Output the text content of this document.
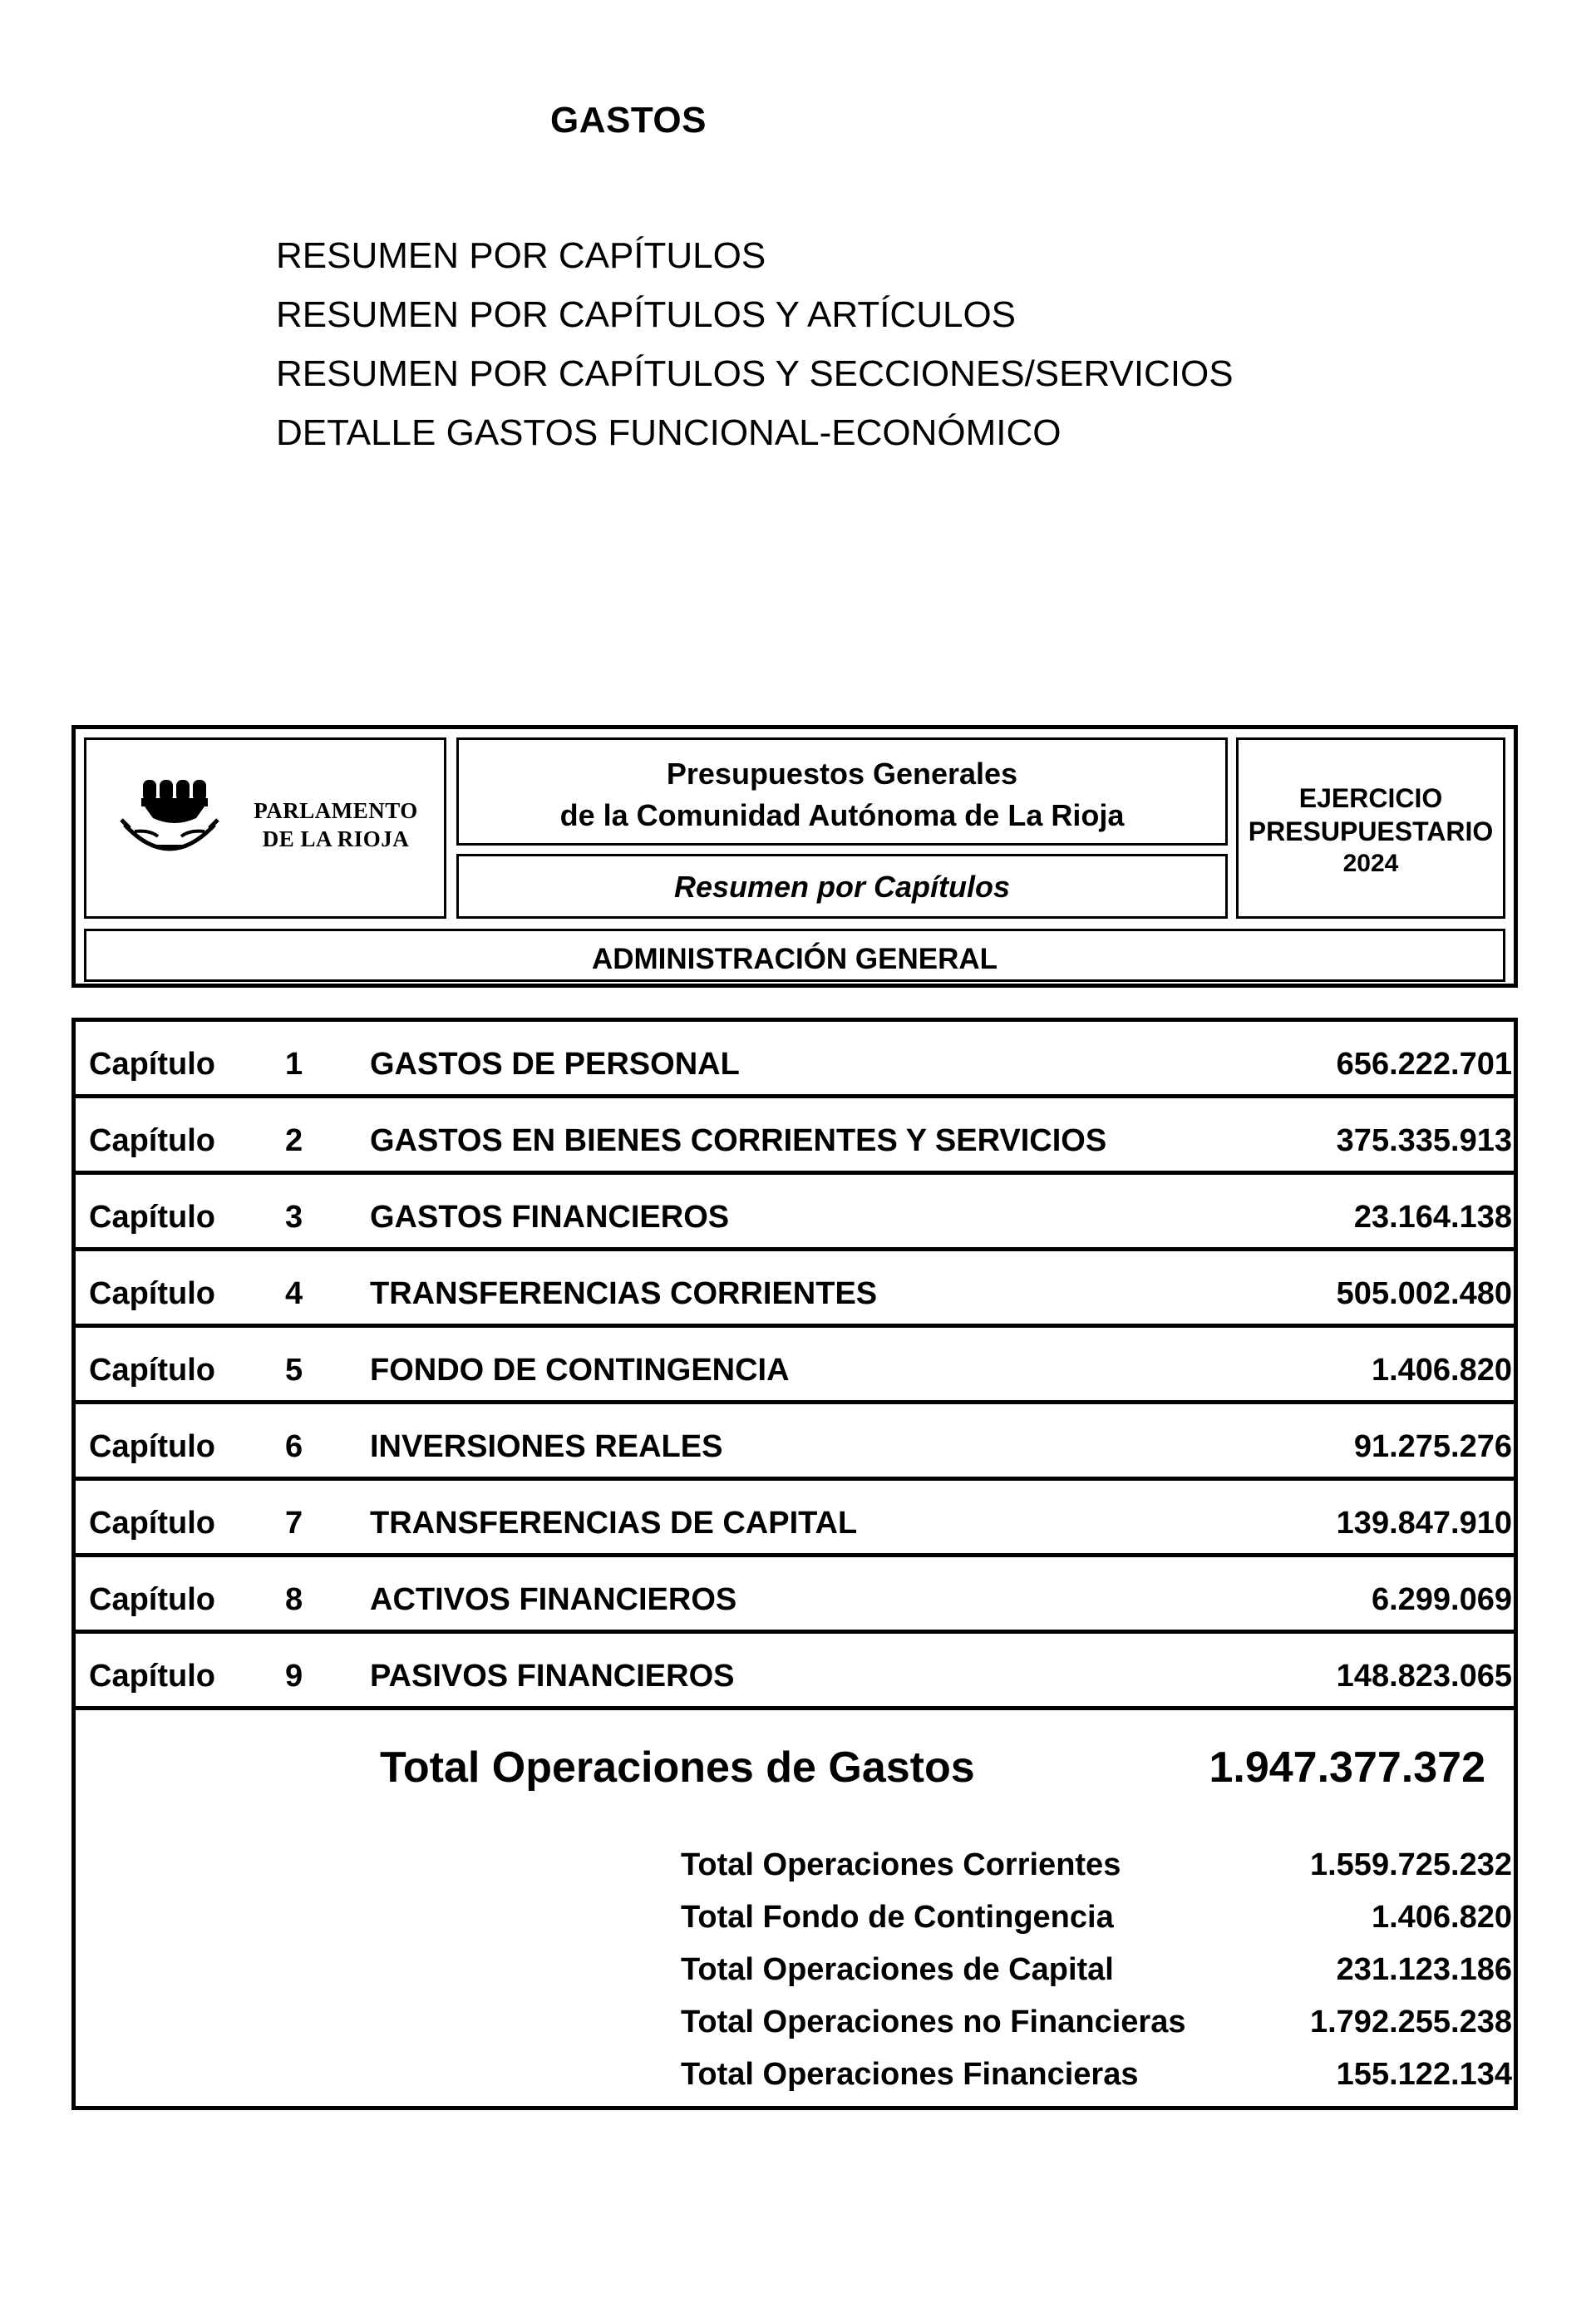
GASTOS
RESUMEN POR CAPÍTULOS
RESUMEN POR CAPÍTULOS Y ARTÍCULOS
RESUMEN POR CAPÍTULOS Y SECCIONES/SERVICIOS
DETALLE GASTOS FUNCIONAL-ECONÓMICO
PARLAMENTO
DE LA RIOJA
Presupuestos Generales
de la Comunidad Autónoma de La Rioja
Resumen por Capítulos
EJERCICIO
PRESUPUESTARIO
2024
ADMINISTRACIÓN GENERAL
Capítulo 1 GASTOS DE PERSONAL	656.222.701
Capítulo 2 GASTOS EN BIENES CORRIENTES Y SERVICIOS	375.335.913
Capítulo 3 GASTOS FINANCIEROS	23.164.138
Capítulo 4 TRANSFERENCIAS CORRIENTES	505.002.480
Capítulo 5 FONDO DE CONTINGENCIA	1.406.820
Capítulo 6 INVERSIONES REALES	91.275.276
Capítulo 7 TRANSFERENCIAS DE CAPITAL	139.847.910
Capítulo 8 ACTIVOS FINANCIEROS	6.299.069
Capítulo 9 PASIVOS FINANCIEROS	148.823.065
Total Operaciones de Gastos	1.947.377.372
Total Operaciones Corrientes	1.559.725.232
Total Fondo de Contingencia	1.406.820
Total Operaciones de Capital	231.123.186
Total Operaciones no Financieras	1.792.255.238
Total Operaciones Financieras	155.122.134
